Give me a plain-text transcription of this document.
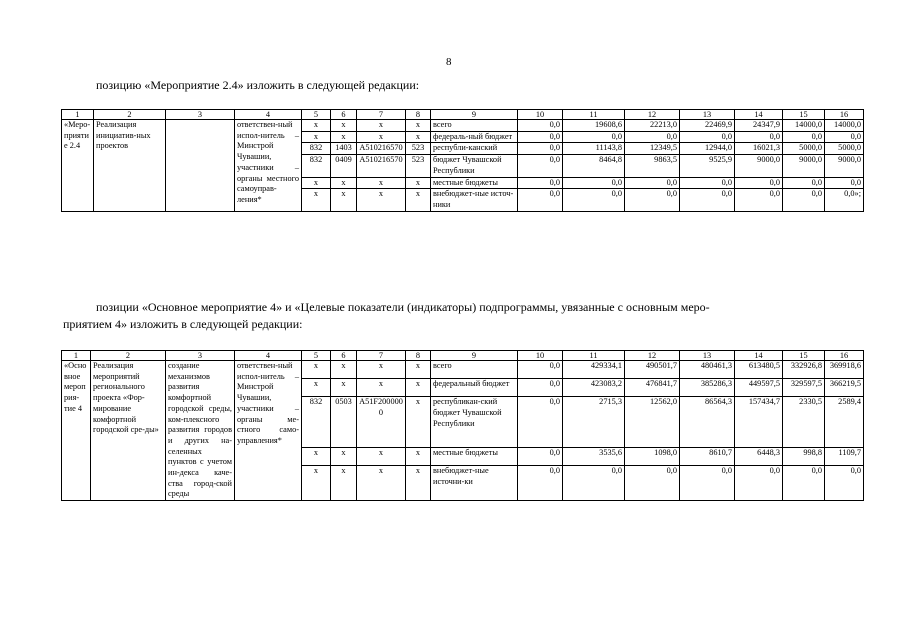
8
позицию «Мероприятие 2.4» изложить в следующей редакции:
позиции «Основное мероприятие 4» и «Целевые показатели (индикаторы) подпрограммы, увязанные с основным меро-
приятием 4» изложить в следующей редакции:
1	2	3	4	5	6	7	8	9	10	11	12	13	14	15	16
«Меро-приятие 2.4	Реализация инициатив-ных проектов		ответствен-ный испол-нитель – Минстрой Чувашии, участники – органы местного самоуправ-ления*	x	x	x	x	всего	0,0	19608,6	22213,0	22469,9	24347,9	14000,0	14000,0
				x	x	x	x	федераль-ный бюджет	0,0	0,0	0,0	0,0	0,0	0,0	0,0
				832	1403	A510216570	523	республи-канский	0,0	11143,8	12349,5	12944,0	16021,3	5000,0	5000,0
				832	0409	A510216570	523	бюджет Чувашской Республики	0,0	8464,8	9863,5	9525,9	9000,0	9000,0	9000,0
				x	x	x	x	местные бюджеты	0,0	0,0	0,0	0,0	0,0	0,0	0,0
				x	x	x	x	внебюджет-ные источ-ники	0,0	0,0	0,0	0,0	0,0	0,0	0,0»;
1	2	3	4	5	6	7	8	9	10	11	12	13	14	15	16
«Основное мероприя-тие 4	Реализация мероприятий регионального проекта «Фор-мирование комфортной городской сре-ды»	создание механизмов развития комфортной городской среды, ком-плексного развития городов и других на-селенных пунктов с учетом ин-декса каче-ства город-ской среды	ответствен-ный испол-нитель – Минстрой Чувашии, участники – органы ме-стного само-управления*	x	x	x	x	всего	0,0	429334,1	490501,7	480461,3	613480,5	332926,8	369918,6
				x	x	x	x	федеральный бюджет	0,0	423083,2	476841,7	385286,3	449597,5	329597,5	366219,5
				832	0503	A51F2000000	x	республикан-ский бюджет Чувашской Республики	0,0	2715,3	12562,0	86564,3	157434,7	2330,5	2589,4
				x	x	x	x	местные бюджеты	0,0	3535,6	1098,0	8610,7	6448,3	998,8	1109,7
				x	x	x	x	внебюджет-ные источни-ки	0,0	0,0	0,0	0,0	0,0	0,0	0,0
